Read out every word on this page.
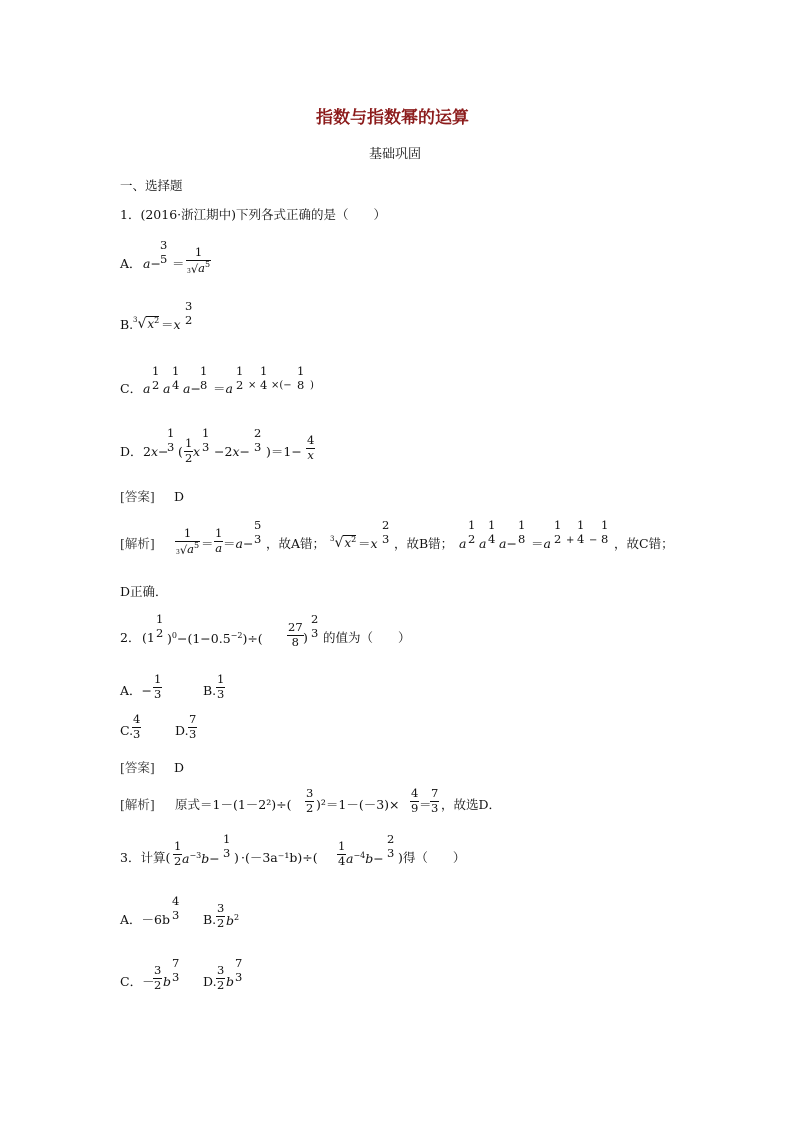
指数与指数幂的运算
基础巩固
一、选择题
1．(2016·浙江期中)下列各式正确的是（　　）
A． a−
3
5 ＝
1
$3√a^5$
B. $^3√x^2 =x$
3
2
C． a
1
2 a
1
4 a−
1
8 ＝a
1
2 ×
1
4 ×(−
1
8 )
D． 2x−
1
3 (
1
2 x
1
3 −2x−
2
3 )＝1−
4
x
[答案] D
[解析]
1
$3√a^5$ ＝
1
a ＝a−
5
3 ，故A错； $^3√x^2 =x$
2
3 ，故B错； a
1
2 a
1
4 a−
1
8 ＝a
1
2 +
1
4 −
1
8 ，故C错；
D正确．
2． (1
1
2 )$^0-(1-0.5^{-2})\div$(
27
8 )
2
3 的值为（　　）
A．−
1
3	B.
1
3
C.
4
3	D.
7
3
[答案] D
[解析] 原式＝1－(1－2²)÷(
3
2 )²＝1－(－3)×
4
9 ＝
7
3 ，故选D．
3．计算(
1
2 $a^{-3}b-$
1
3 ) ·(－3a⁻¹b)÷(
1
4 $a^{-4}b-$
2
3 )得（　　）
A．－6b
4
3 B.
3
2 $b^2$
C．－
3
2 b
7
3 D.
3
2 b
7
3
